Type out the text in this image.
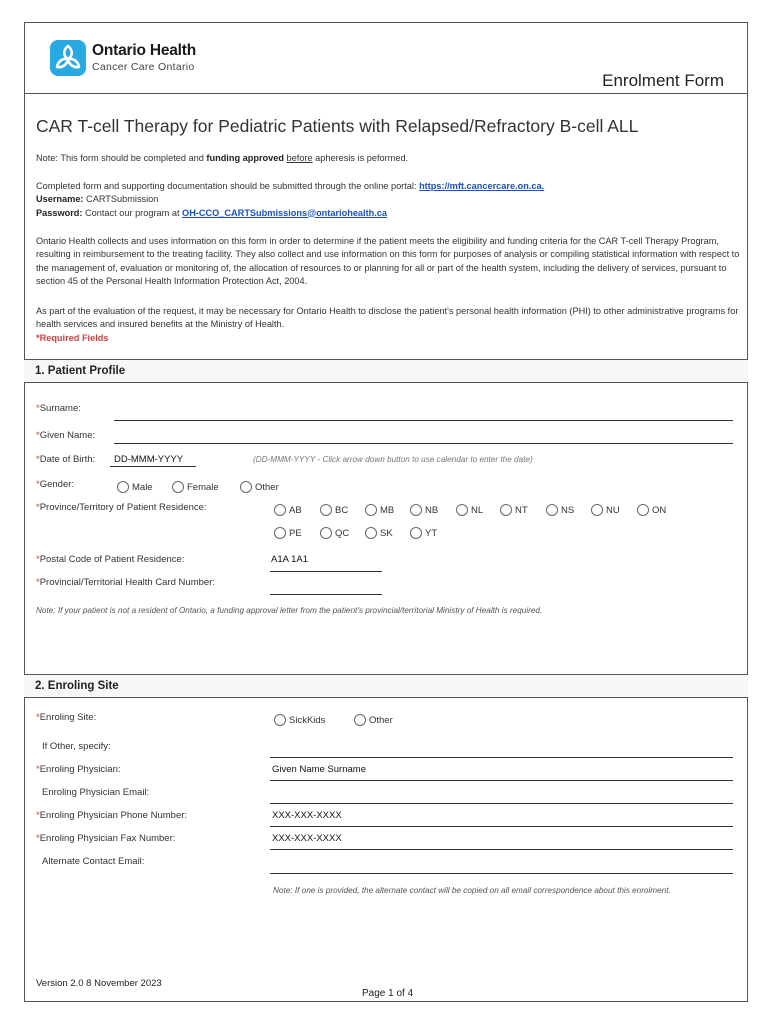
Ontario Health
Cancer Care Ontario
Enrolment Form
CAR T-cell Therapy for Pediatric Patients with Relapsed/Refractory B-cell ALL
Note: This form should be completed and funding approved before apheresis is peformed.
Completed form and supporting documentation should be submitted through the online portal: https://mft.cancercare.on.ca.
Username: CARTSubmission
Password: Contact our program at OH-CCO_CARTSubmissions@ontariohealth.ca
Ontario Health collects and uses information on this form in order to determine if the patient meets the eligibility and funding criteria for the CAR T-cell Therapy Program, resulting in reimbursement to the treating facility. They also collect and use information on this form for purposes of analysis or compiling statistical information with respect to the management of, evaluation or monitoring of, the allocation of resources to or planning for all or part of the health system, including the delivery of services, pursuant to section 45 of the Personal Health Information Protection Act, 2004.
As part of the evaluation of the request, it may be necessary for Ontario Health to disclose the patient's personal health information (PHI) to other administrative programs for health services and insured benefits at the Ministry of Health.
*Required Fields
1. Patient Profile
*Surname:
*Given Name:
*Date of Birth: DD-MMM-YYYY	(DD-MMM-YYYY - Click arrow down button to use calendar to enter the date)
*Gender:	Male	Female	Other
*Province/Territory of Patient Residence:	AB	BC	MB	NB	NL	NT	NS	NU	ON
PE	QC	SK	YT
*Postal Code of Patient Residence:	A1A 1A1
*Provincial/Territorial Health Card Number:
Note: If your patient is not a resident of Ontario, a funding approval letter from the patient's provincial/territorial Ministry of Health is required.
2. Enroling Site
*Enroling Site:	SickKids	Other
If Other, specify:
*Enroling Physician:	Given Name Surname
Enroling Physician Email:
*Enroling Physician Phone Number:	XXX-XXX-XXXX
*Enroling Physician Fax Number:	XXX-XXX-XXXX
Alternate Contact Email:
Note: If one is provided, the alternate contact will be copied on all email correspondence about this enrolment.
Version 2.0 8 November 2023
Page 1 of 4
